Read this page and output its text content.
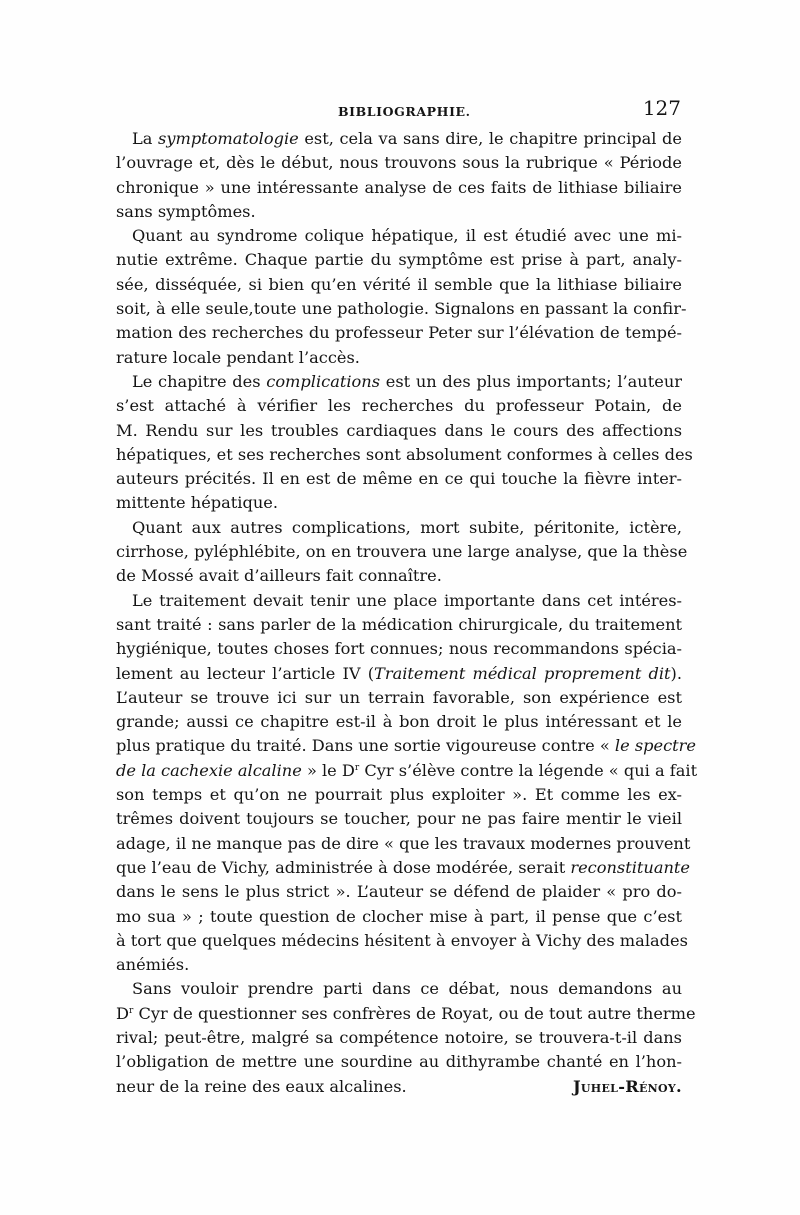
BIBLIOGRAPHIE.	127
La symptomatologie est, cela va sans dire, le chapitre principal de
l’ouvrage et, dès le début, nous trouvons sous la rubrique « Période
chronique » une intéressante analyse de ces faits de lithiase biliaire
sans symptômes.
Quant au syndrome colique hépatique, il est étudié avec une mi-
nutie extrême. Chaque partie du symptôme est prise à part, analy-
sée, disséquée, si bien qu’en vérité il semble que la lithiase biliaire
soit, à elle seule,toute une pathologie. Signalons en passant la confir-
mation des recherches du professeur Peter sur l’élévation de tempé-
rature locale pendant l’accès.
Le chapitre des complications est un des plus importants; l’auteur
s’est attaché à vérifier les recherches du professeur Potain, de
M. Rendu sur les troubles cardiaques dans le cours des affections
hépatiques, et ses recherches sont absolument conformes à celles des
auteurs précités. Il en est de même en ce qui touche la fièvre inter-
mittente hépatique.
Quant aux autres complications, mort subite, péritonite, ictère,
cirrhose, pyléphlébite, on en trouvera une large analyse, que la thèse
de Mossé avait d’ailleurs fait connaître.
Le traitement devait tenir une place importante dans cet intéres-
sant traité : sans parler de la médication chirurgicale, du traitement
hygiénique, toutes choses fort connues; nous recommandons spécia-
lement au lecteur l’article IV (Traitement médical proprement dit).
L’auteur se trouve ici sur un terrain favorable, son expérience est
grande; aussi ce chapitre est-il à bon droit le plus intéressant et le
plus pratique du traité. Dans une sortie vigoureuse contre « le spectre
de la cachexie alcaline » le $D^r$ Cyr s’élève contre la légende « qui a fait
son temps et qu’on ne pourrait plus exploiter ». Et comme les ex-
trêmes doivent toujours se toucher, pour ne pas faire mentir le vieil
adage, il ne manque pas de dire « que les travaux modernes prouvent
que l’eau de Vichy, administrée à dose modérée, serait reconstituante
dans le sens le plus strict ». L’auteur se défend de plaider « pro do-
mo sua » ; toute question de clocher mise à part, il pense que c’est
à tort que quelques médecins hésitent à envoyer à Vichy des malades
anémiés.
Sans vouloir prendre parti dans ce débat, nous demandons au
$D^r$ Cyr de questionner ses confrères de Royat, ou de tout autre therme
rival; peut-être, malgré sa compétence notoire, se trouvera-t-il dans
l’obligation de mettre une sourdine au dithyrambe chanté en l’hon-
neur de la reine des eaux alcalines.	Juhel-Rénoy.
